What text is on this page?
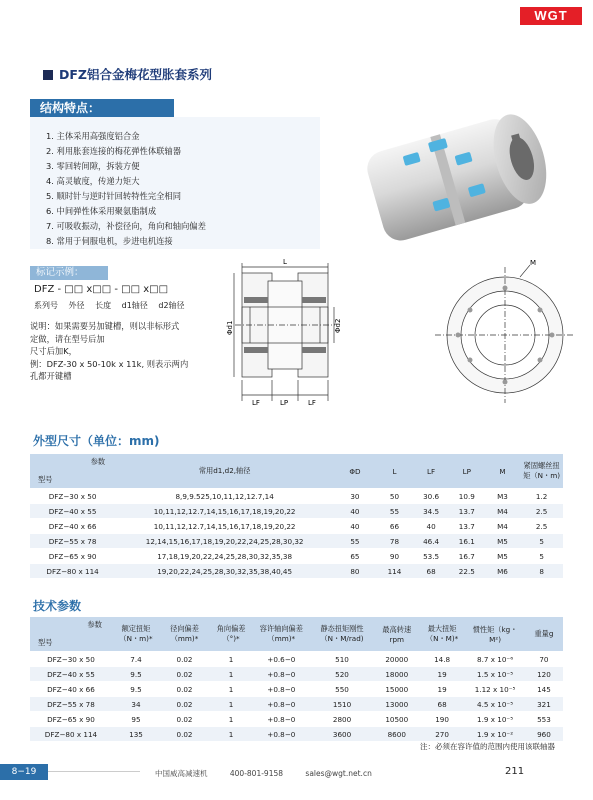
WGT
DFZ铝合金梅花型胀套系列
结构特点：
1. 主体采用高强度铝合金
2. 利用胀套连接的梅花弹性体联轴器
3. 零回转间隙，拆装方便
4. 高灵敏度，传递力矩大
5. 顺时针与逆时针回转特性完全相同
6. 中间弹性体采用聚氨脂制成
7. 可吸收振动，补偿径向，角向和轴向偏差
8. 常用于伺服电机，步进电机连接
标记示例：
DFZ - □□ x□□ - □□ x□□
系列号 外径 长度 d1轴径 d2轴径
说明：如果需要另加键槽，则以非标形式
定做，请在型号后加
尺寸后加K，
例：DFZ-30 x 50-10k x 11k, 则表示两内
孔都开键槽
L
LF	LP	LF
Φd1	Φd2
M
外型尺寸（单位：mm)
参数
型号	常用d1,d2,轴径	ΦD	L	LF	LP	M	紧固螺丝扭矩（N・m)
DFZ−30 x 50	8,9,9.525,10,11,12,12.7,14	30	50	30.6	10.9	M3	1.2
DFZ−40 x 55	10,11,12,12.7,14,15,16,17,18,19,20,22	40	55	34.5	13.7	M4	2.5
DFZ−40 x 66	10,11,12,12.7,14,15,16,17,18,19,20,22	40	66	40	13.7	M4	2.5
DFZ−55 x 78	12,14,15,16,17,18,19,20,22,24,25,28,30,32	55	78	46.4	16.1	M5	5
DFZ−65 x 90	17,18,19,20,22,24,25,28,30,32,35,38	65	90	53.5	16.7	M5	5
DFZ−80 x 114	19,20,22,24,25,28,30,32,35,38,40,45	80	114	68	22.5	M6	8
技术参数
参数
型号	额定扭矩（N・m)*	径向偏差（mm)*	角向偏差（°)*	容许轴向偏差（mm)*	静态扭矩刚性（N・M/rad)	最高转速rpm	最大扭矩（N・M)*	惯性矩（kg・M²)	重量g
DFZ−30 x 50	7.4	0.02	1	+0.6−0	510	20000	14.8	8.7 x 10⁻⁶	70
DFZ−40 x 55	9.5	0.02	1	+0.8−0	520	18000	19	1.5 x 10⁻⁵	120
DFZ−40 x 66	9.5	0.02	1	+0.8−0	550	15000	19	1.12 x 10⁻⁵	145
DFZ−55 x 78	34	0.02	1	+0.8−0	1510	13000	68	4.5 x 10⁻⁵	321
DFZ−65 x 90	95	0.02	1	+0.8−0	2800	10500	190	1.9 x 10⁻⁵	553
DFZ−80 x 114	135	0.02	1	+0.8−0	3600	8600	270	1.9 x 10⁻²	960
注：必须在容许值的范围内使用该联轴器
8−19	中国威高减速机	400-801-9158	sales@wgt.net.cn	211
